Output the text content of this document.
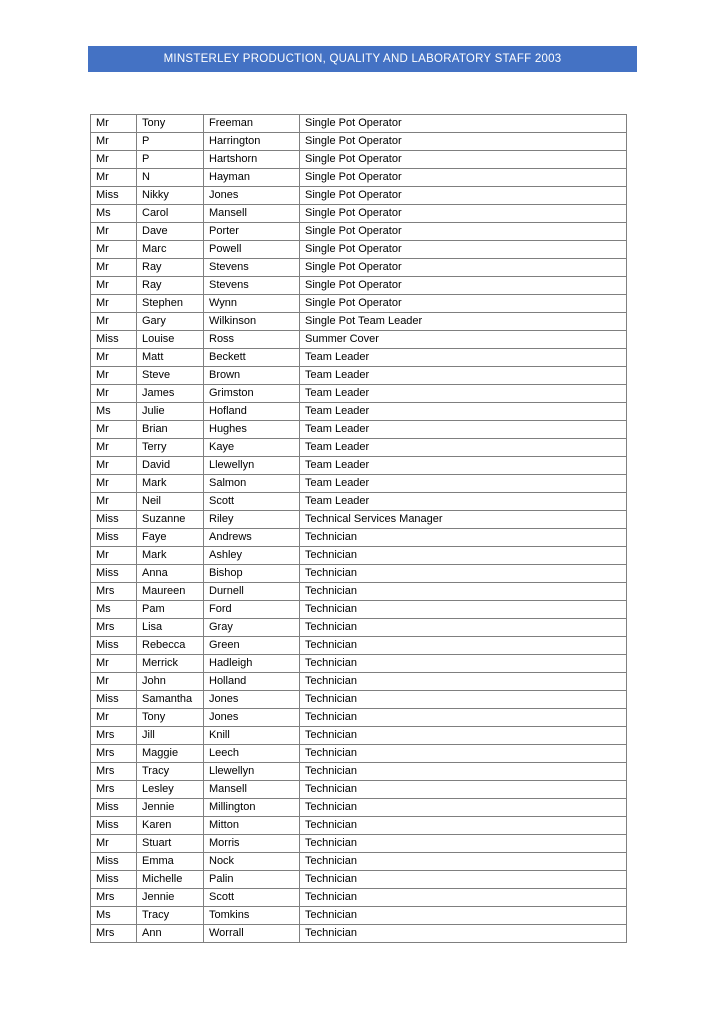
MINSTERLEY PRODUCTION, QUALITY AND LABORATORY STAFF 2003
Mr	Tony	Freeman	Single Pot Operator
Mr	P	Harrington	Single Pot Operator
Mr	P	Hartshorn	Single Pot Operator
Mr	N	Hayman	Single Pot Operator
Miss	Nikky	Jones	Single Pot Operator
Ms	Carol	Mansell	Single Pot Operator
Mr	Dave	Porter	Single Pot Operator
Mr	Marc	Powell	Single Pot Operator
Mr	Ray	Stevens	Single Pot Operator
Mr	Ray	Stevens	Single Pot Operator
Mr	Stephen	Wynn	Single Pot Operator
Mr	Gary	Wilkinson	Single Pot Team Leader
Miss	Louise	Ross	Summer Cover
Mr	Matt	Beckett	Team Leader
Mr	Steve	Brown	Team Leader
Mr	James	Grimston	Team Leader
Ms	Julie	Hofland	Team Leader
Mr	Brian	Hughes	Team Leader
Mr	Terry	Kaye	Team Leader
Mr	David	Llewellyn	Team Leader
Mr	Mark	Salmon	Team Leader
Mr	Neil	Scott	Team Leader
Miss	Suzanne	Riley	Technical Services Manager
Miss	Faye	Andrews	Technician
Mr	Mark	Ashley	Technician
Miss	Anna	Bishop	Technician
Mrs	Maureen	Durnell	Technician
Ms	Pam	Ford	Technician
Mrs	Lisa	Gray	Technician
Miss	Rebecca	Green	Technician
Mr	Merrick	Hadleigh	Technician
Mr	John	Holland	Technician
Miss	Samantha	Jones	Technician
Mr	Tony	Jones	Technician
Mrs	Jill	Knill	Technician
Mrs	Maggie	Leech	Technician
Mrs	Tracy	Llewellyn	Technician
Mrs	Lesley	Mansell	Technician
Miss	Jennie	Millington	Technician
Miss	Karen	Mitton	Technician
Mr	Stuart	Morris	Technician
Miss	Emma	Nock	Technician
Miss	Michelle	Palin	Technician
Mrs	Jennie	Scott	Technician
Ms	Tracy	Tomkins	Technician
Mrs	Ann	Worrall	Technician
